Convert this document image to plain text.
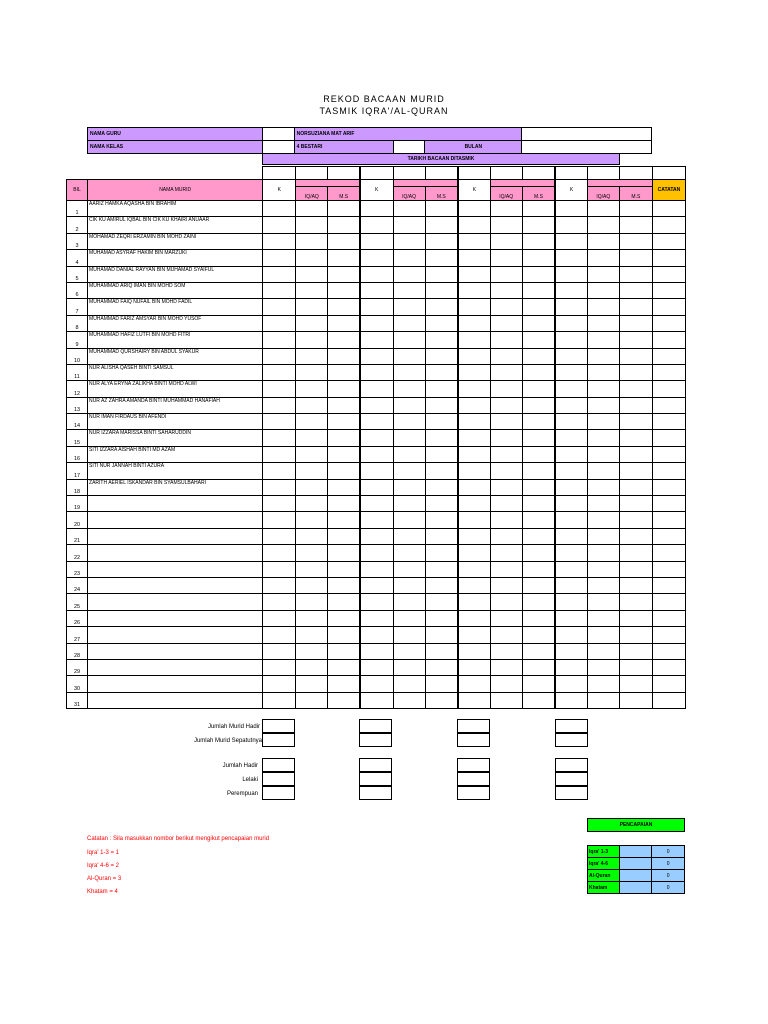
REKOD BACAAN MURID
TASMIK IQRA'/AL-QURAN
NAMA GURU		NORSUZIANA MAT ARIF			
NAMA KELAS		4 BESTARI		BULAN	
TARIKH BACAAN DITASMIK

BIL	NAMA MURID	K			K			K			K			CATATAN
			IQ/AQ	M.S		IQ/AQ	M.S		IQ/AQ	M.S		IQ/AQ	M.S	
1	AARIZ HAMKA AQASHA BIN IBRAHIM													
2	CIK KU AMIRUL IQBAL BIN CIK KU KHAIRI ANUAAR													
3	MOHAMAD ZEQRI ERZAMIN BIN MOHD ZAINI													
4	MUHAMAD ASYRAF HAKIM BIN MARZUKI													
5	MUHAMAD DANIAL RAYYAN BIN MUHAMAD SYAIFUL													
6	MUHAMMAD ARIQ IMAN BIN MOHD SOM													
7	MUHAMMAD FAIQ NUFAIL BIN MOHD FADIL													
8	MUHAMMAD FARIZ AMSYAR BIN MOHD YUSOF													
9	MUHAMMAD HAFIZ LUTFI BIN MOHD FITRI													
10	MUHAMMAD QURSHAIRY BIN ABDUL SYAKUR													
11	NUR ALISHA QASEH BINTI SAMSUL													
12	NUR ALYA ERYNA ZALIKHA BINTI MOHD ALWI													
13	NUR AZ ZAHRA AMANDA BINTI MUHAMMAD HANAFIAH													
14	NUR IMAN FIRDAUS BIN AFENDI													
15	NUR IZZARA MARISSA BINTI SAHARUDDIN													
16	SITI IZZARA AISHAH BINTI MD AZAM													
17	SITI NUR JANNAH BINTI AZURA													
18	ZARITH AERIEL ISKANDAR BIN SYAMSULBAHARI													
19														
20														
21														
22														
23														
24														
25														
26														
27														
28														
29														
30														
31														
Jumlah Murid Hadir
Jumlah Murid Sepatutnya
Jumlah Hadir
Lelaki
Perempuan
Catatan : Sila masukkan nombor berikut mengikut pencapaian murid
Iqra' 1-3 = 1
Iqra' 4-6 = 2
Al-Quran = 3
Khatam = 4
PENCAPAIAN
Iqra' 1-3		0
Iqra' 4-6		0
Al-Quran		0
Khatam		0
